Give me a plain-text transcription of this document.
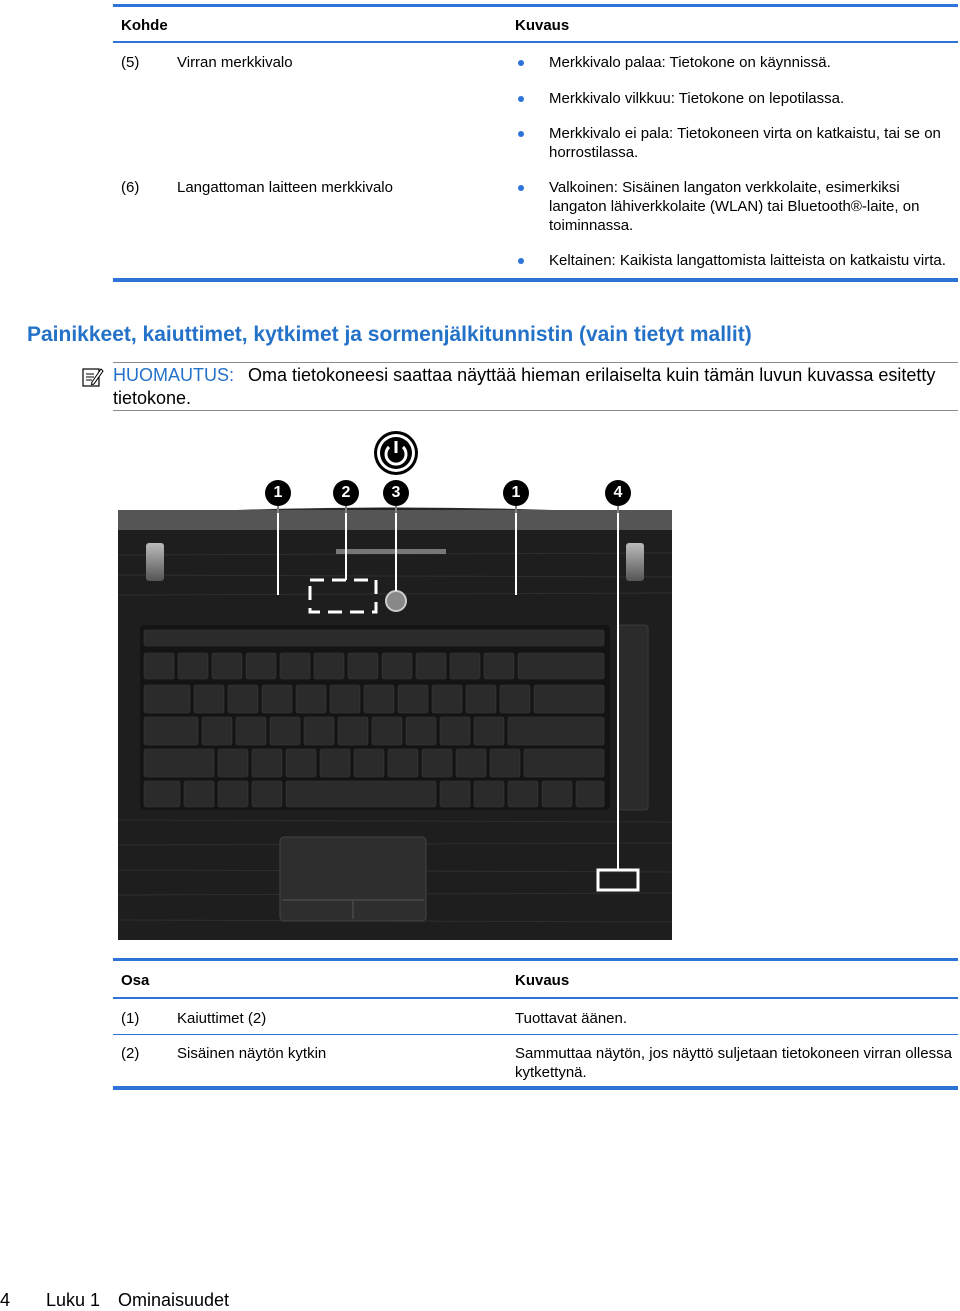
Kohde	Kuvaus
(5)	Virran merkkivalo	Merkkivalo palaa: Tietokone on käynnissä.
Merkkivalo vilkkuu: Tietokone on lepotilassa.
Merkkivalo ei pala: Tietokoneen virta on katkaistu, tai se on horrostilassa.
(6)	Langattoman laitteen merkkivalo	Valkoinen: Sisäinen langaton verkkolaite, esimerkiksi langaton lähiverkkolaite (WLAN) tai Bluetooth®-laite, on toiminnassa.
Keltainen: Kaikista langattomista laitteista on katkaistu virta.
Painikkeet, kaiuttimet, kytkimet ja sormenjälkitunnistin (vain tietyt mallit)
HUOMAUTUS: Oma tietokoneesi saattaa näyttää hieman erilaiselta kuin tämän luvun kuvassa esitetty tietokone.
1	2	3	1	4
Osa	Kuvaus
(1)	Kaiuttimet (2)	Tuottavat äänen.
(2)	Sisäinen näytön kytkin	Sammuttaa näytön, jos näyttö suljetaan tietokoneen virran ollessa kytkettynä.
4 Luku 1 Ominaisuudet
